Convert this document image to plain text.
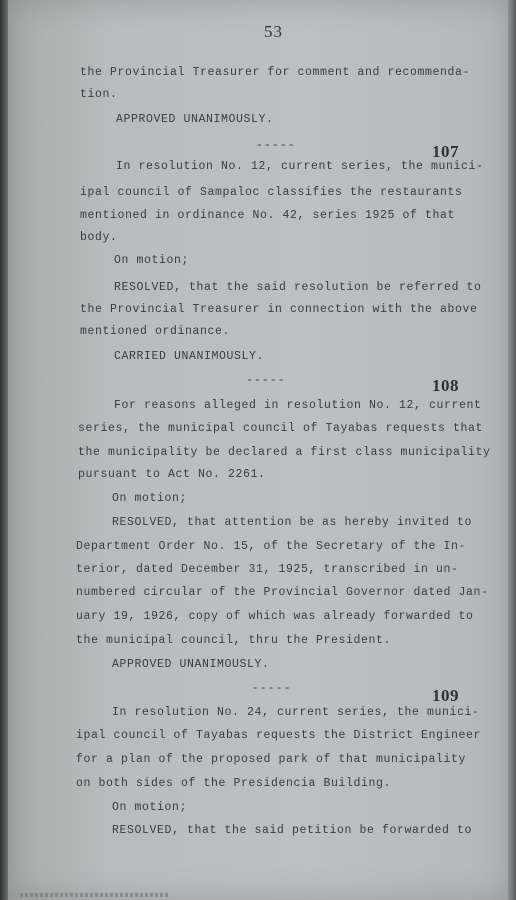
53
the Provincial Treasurer for comment and recommenda-
tion.
APPROVED UNANIMOUSLY.
-----	107
In resolution No. 12, current series, the munici-
ipal council of Sampaloc classifies the restaurants
mentioned in ordinance No. 42, series 1925 of that
body.
On motion;
RESOLVED, that the said resolution be referred to
the Provincial Treasurer in connection with the above
mentioned ordinance.
CARRIED UNANIMOUSLY.
-----	108
For reasons alleged in resolution No. 12, current
series, the municipal council of Tayabas requests that
the municipality be declared a first class municipality
pursuant to Act No. 2261.
On motion;
RESOLVED, that attention be as hereby invited to
Department Order No. 15, of the Secretary of the In-
terior, dated December 31, 1925, transcribed in un-
numbered circular of the Provincial Governor dated Jan-
uary 19, 1926, copy of which was already forwarded to
the municipal council, thru the President.
APPROVED UNANIMOUSLY.
-----	109
In resolution No. 24, current series, the munici-
ipal council of Tayabas requests the District Engineer
for a plan of the proposed park of that municipality
on both sides of the Presidencia Building.
On motion;
RESOLVED, that the said petition be forwarded to
